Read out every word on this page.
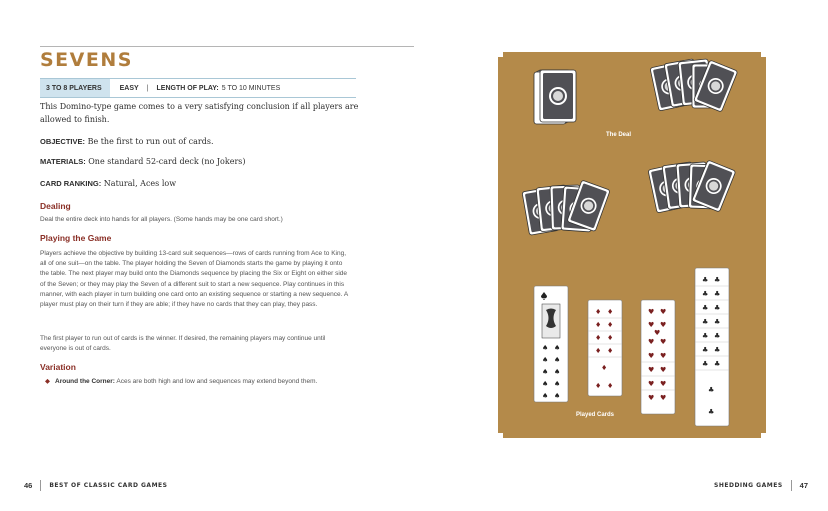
SEVENS
3 TO 8 PLAYERS	EASY | LENGTH OF PLAY: 5 TO 10 MINUTES
This Domino-type game comes to a very satisfying conclusion if all players are allowed to finish.
OBJECTIVE: Be the first to run out of cards.
MATERIALS: One standard 52-card deck (no Jokers)
CARD RANKING: Natural, Aces low
Dealing
Deal the entire deck into hands for all players. (Some hands may be one card short.)
Playing the Game
Players achieve the objective by building 13-card suit sequences—rows of cards running from Ace to King, all of one suit—on the table. The player holding the Seven of Diamonds starts the game by playing it onto the table. The next player may build onto the Diamonds sequence by placing the Six or Eight on either side of the Seven; or they may play the Seven of a different suit to start a new sequence. Play continues in this manner, with each player in turn building one card onto an existing sequence or starting a new sequence. A player must play on their turn if they are able; if they have no cards that they can play, they pass.
The first player to run out of cards is the winner. If desired, the remaining players may continue until everyone is out of cards.
Variation
◆ Around the Corner: Aces are both high and low and sequences may extend beyond them.
46	BEST OF CLASSIC CARD GAMES	SHEDDING GAMES 47
♠ ♠
♠ ♠
♠ ♠
♠ ♠
♠ ♠
♦ ♦
♦ ♦
♦ ♦
♦ ♦
♦
♦ ♦
♥ ♥
♥ ♥
♥
♥ ♥
♥ ♥
♥ ♥
♥ ♥
♥ ♥
♣ ♣
♣ ♣
♣ ♣
♣ ♣
♣ ♣
♣ ♣
♣ ♣
♣
♣
The Deal
Played Cards
